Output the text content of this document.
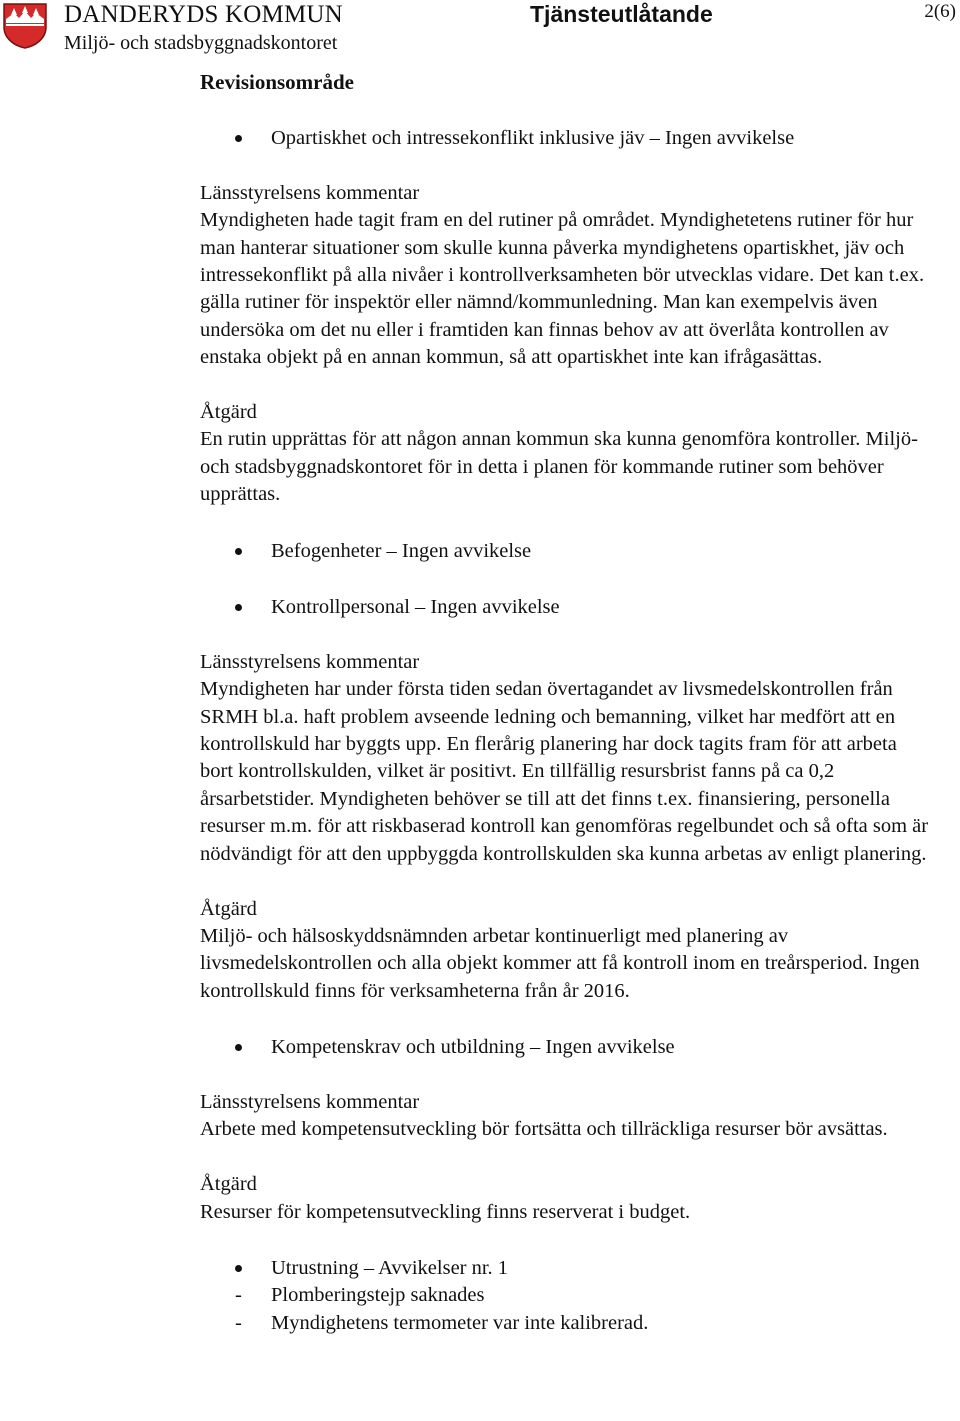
DANDERYDS KOMMUN
Miljö- och stadsbyggnadskontoret
Tjänsteutlåtande	2(6)

Revisionsområde

Opartiskhet och intressekonflikt inklusive jäv – Ingen avvikelse

Länsstyrelsens kommentar

Myndigheten hade tagit fram en del rutiner på området. Myndighetetens rutiner för hur man hanterar situationer som skulle kunna påverka myndighetens opartiskhet, jäv och intressekonflikt på alla nivåer i kontrollverksamheten bör utvecklas vidare. Det kan t.ex. gälla rutiner för inspektör eller nämnd/kommunledning. Man kan exempelvis även undersöka om det nu eller i framtiden kan finnas behov av att överlåta kontrollen av enstaka objekt på en annan kommun, så att opartiskhet inte kan ifrågasättas.

Åtgärd

En rutin upprättas för att någon annan kommun ska kunna genomföra kontroller. Miljö- och stadsbyggnadskontoret för in detta i planen för kommande rutiner som behöver upprättas.

Befogenheter – Ingen avvikelse
Kontrollpersonal – Ingen avvikelse

Länsstyrelsens kommentar

Myndigheten har under första tiden sedan övertagandet av livsmedelskontrollen från SRMH bl.a. haft problem avseende ledning och bemanning, vilket har medfört att en kontrollskuld har byggts upp. En flerårig planering har dock tagits fram för att arbeta bort kontrollskulden, vilket är positivt. En tillfällig resursbrist fanns på ca 0,2 årsarbetstider. Myndigheten behöver se till att det finns t.ex. finansiering, personella resurser m.m. för att riskbaserad kontroll kan genomföras regelbundet och så ofta som är nödvändigt för att den uppbyggda kontrollskulden ska kunna arbetas av enligt planering.

Åtgärd

Miljö- och hälsoskyddsnämnden arbetar kontinuerligt med planering av livsmedelskontrollen och alla objekt kommer att få kontroll inom en treårsperiod. Ingen kontrollskuld finns för verksamheterna från år 2016.

Kompetenskrav och utbildning – Ingen avvikelse

Länsstyrelsens kommentar

Arbete med kompetensutveckling bör fortsätta och tillräckliga resurser bör avsättas.

Åtgärd

Resurser för kompetensutveckling finns reserverat i budget.

Utrustning – Avvikelser nr. 1
- Plomberingstejp saknades
- Myndighetens termometer var inte kalibrerad.
